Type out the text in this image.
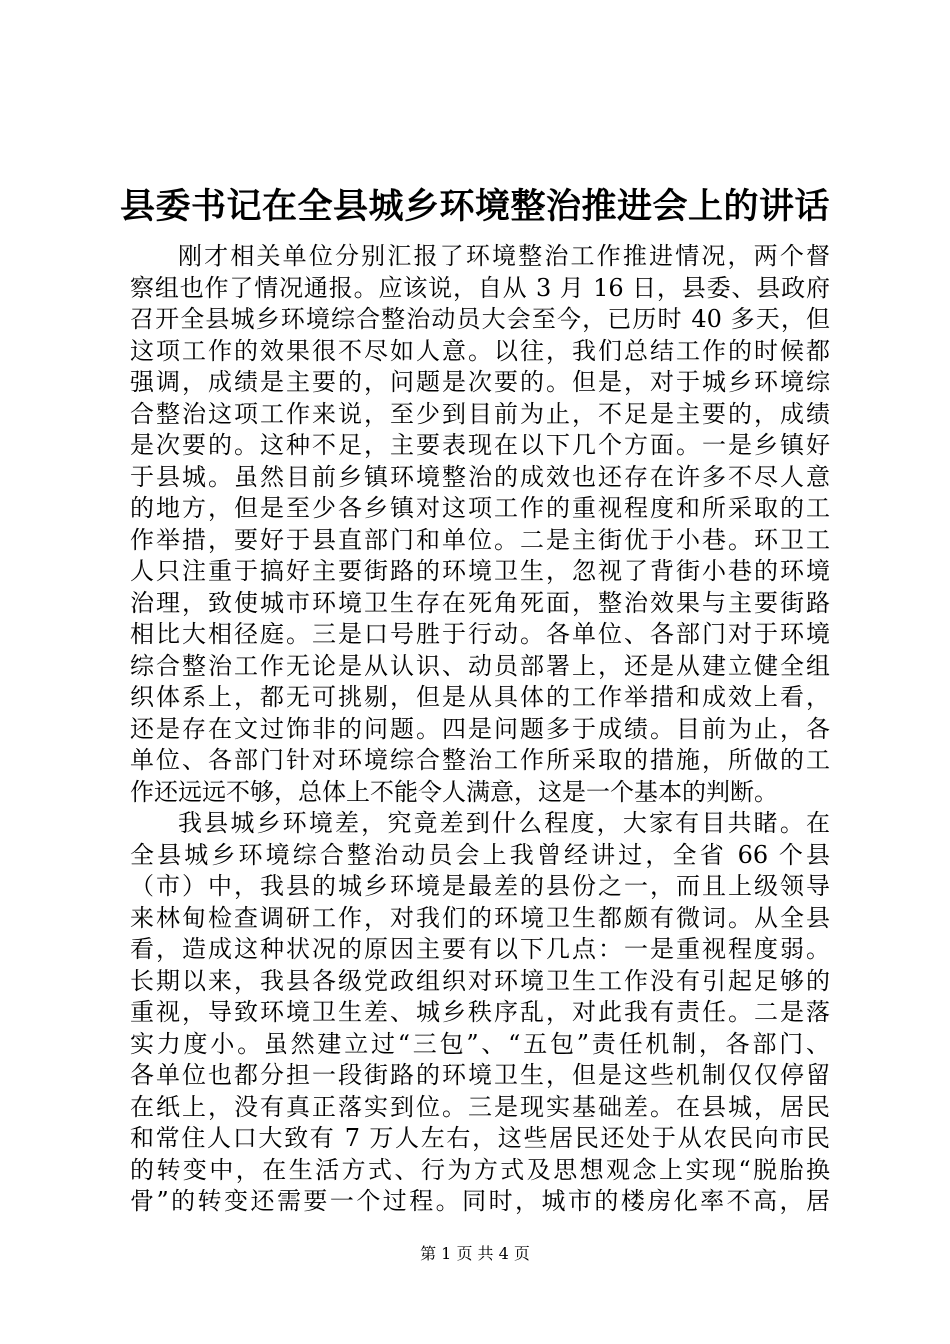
县委书记在全县城乡环境整治推进会上的讲话
刚才相关单位分别汇报了环境整治工作推进情况，两个督
察组也作了情况通报。应该说，自从 3 月 16 日，县委、县政府
召开全县城乡环境综合整治动员大会至今，已历时 40 多天，但
这项工作的效果很不尽如人意。以往，我们总结工作的时候都
强调，成绩是主要的，问题是次要的。但是，对于城乡环境综
合整治这项工作来说，至少到目前为止，不足是主要的，成绩
是次要的。这种不足，主要表现在以下几个方面。一是乡镇好
于县城。虽然目前乡镇环境整治的成效也还存在许多不尽人意
的地方，但是至少各乡镇对这项工作的重视程度和所采取的工
作举措，要好于县直部门和单位。二是主街优于小巷。环卫工
人只注重于搞好主要街路的环境卫生，忽视了背街小巷的环境
治理，致使城市环境卫生存在死角死面，整治效果与主要街路
相比大相径庭。三是口号胜于行动。各单位、各部门对于环境
综合整治工作无论是从认识、动员部署上，还是从建立健全组
织体系上，都无可挑剔，但是从具体的工作举措和成效上看，
还是存在文过饰非的问题。四是问题多于成绩。目前为止，各
单位、各部门针对环境综合整治工作所采取的措施，所做的工
作还远远不够，总体上不能令人满意，这是一个基本的判断。
我县城乡环境差，究竟差到什么程度，大家有目共睹。在
全县城乡环境综合整治动员会上我曾经讲过，全省 66 个县
（市）中，我县的城乡环境是最差的县份之一，而且上级领导
来林甸检查调研工作，对我们的环境卫生都颇有微词。从全县
看，造成这种状况的原因主要有以下几点：一是重视程度弱。
长期以来，我县各级党政组织对环境卫生工作没有引起足够的
重视，导致环境卫生差、城乡秩序乱，对此我有责任。二是落
实力度小。虽然建立过“三包”、“五包”责任机制，各部门、
各单位也都分担一段街路的环境卫生，但是这些机制仅仅停留
在纸上，没有真正落实到位。三是现实基础差。在县城，居民
和常住人口大致有 7 万人左右，这些居民还处于从农民向市民
的转变中，在生活方式、行为方式及思想观念上实现“脱胎换
骨”的转变还需要一个过程。同时，城市的楼房化率不高，居
第 1 页 共 4 页
